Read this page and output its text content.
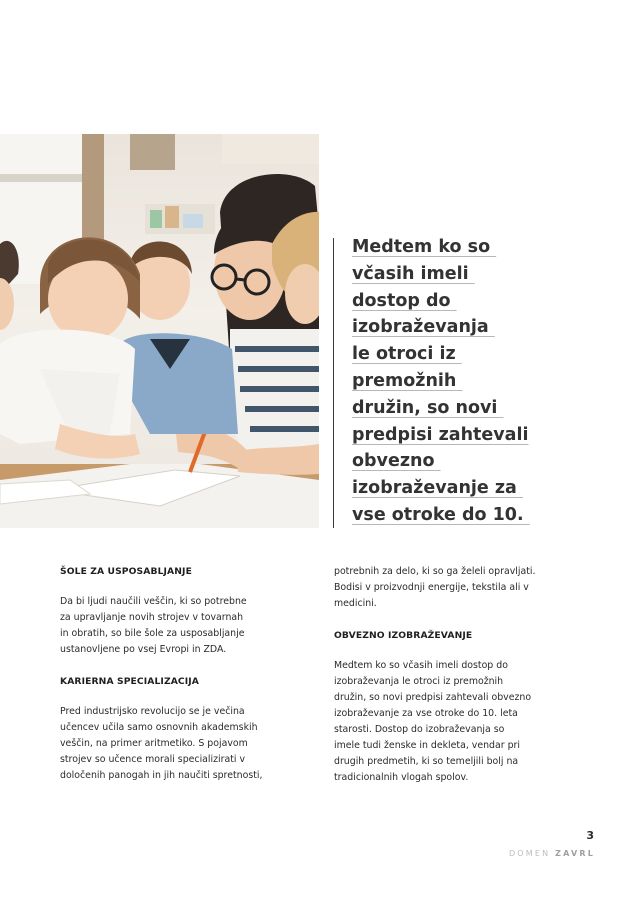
Medtem ko so
včasih imeli
dostop do
izobraževanja
le otroci iz
premožnih
družin, so novi
predpisi zahtevali
obvezno
izobraževanje za
vse otroke do 10.
ŠOLE ZA USPOSABLJANJE

Da bi ljudi naučili veščin, ki so potrebne
za upravljanje novih strojev v tovarnah
in obratih, so bile šole za usposabljanje
ustanovljene po vsej Evropi in ZDA.

KARIERNA SPECIALIZACIJA

Pred industrijsko revolucijo se je večina
učencev učila samo osnovnih akademskih
veščin, na primer aritmetiko. S pojavom
strojev so učence morali specializirati v
določenih panogah in jih naučiti spretnosti,

potrebnih za delo, ki so ga želeli opravljati.
Bodisi v proizvodnji energije, tekstila ali v
medicini.

OBVEZNO IZOBRAŽEVANJE

Medtem ko so včasih imeli dostop do
izobraževanja le otroci iz premožnih
družin, so novi predpisi zahtevali obvezno
izobraževanje za vse otroke do 10. leta
starosti. Dostop do izobraževanja so
imele tudi ženske in dekleta, vendar pri
drugih predmetih, ki so temeljili bolj na
tradicionalnih vlogah spolov.

3
DOMEN ZAVRL
